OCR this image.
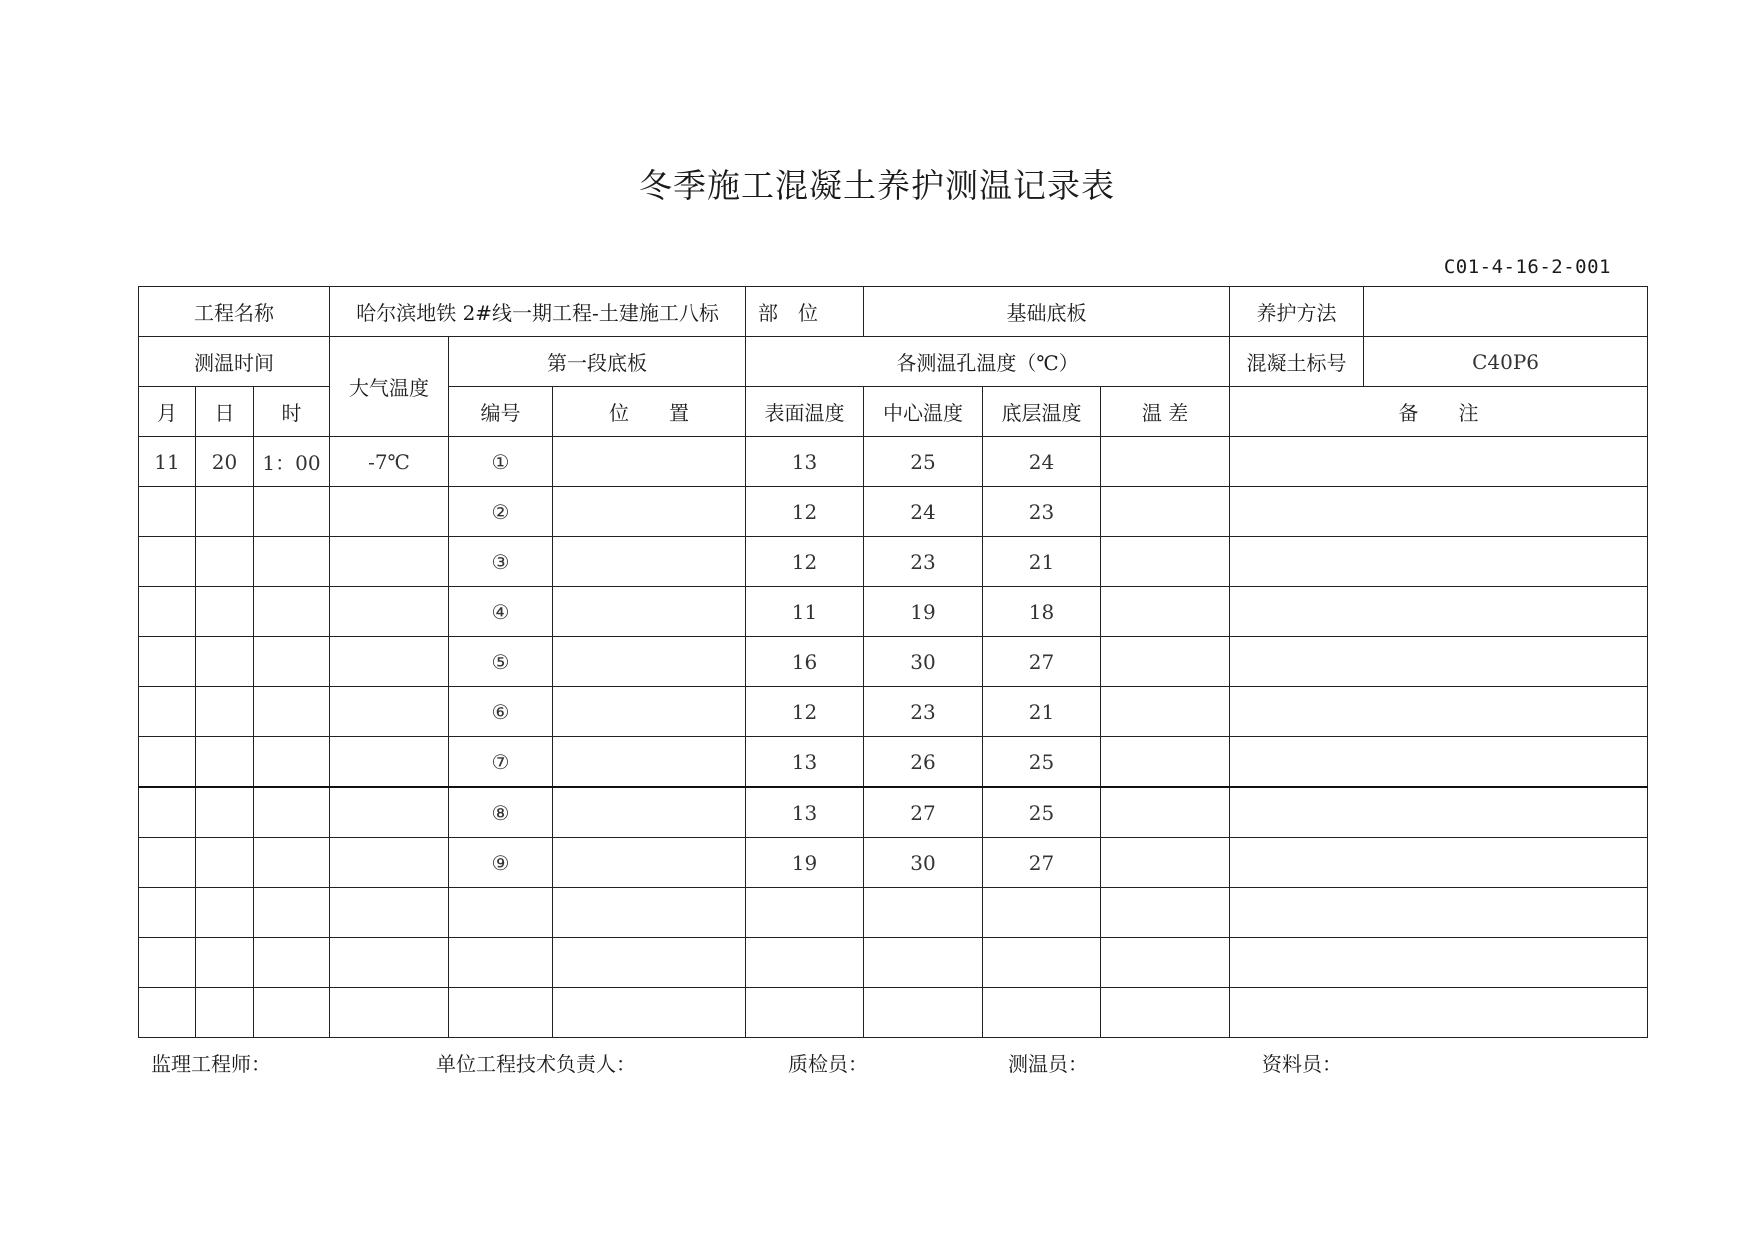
冬季施工混凝土养护测温记录表
C01-4-16-2-001
工程名称			哈尔滨地铁 2#线一期工程-土建施工八标			部　位	基础底板			养护方法	
测温时间			大气温度	第一段底板		各测温孔温度（℃）				混凝土标号	C40P6
月	日	时		编号	位　　置	表面温度	中心温度	底层温度	温 差	备　　注	
11	20	1：00	-7℃	①		13	25	24			
				②		12	24	23			
				③		12	23	21			
				④		11	19	18			
				⑤		16	30	27			
				⑥		12	23	21			
				⑦		13	26	25			
				⑧		13	27	25			
				⑨		19	30	27			

监理工程师：	单位工程技术负责人：	质检员：	测温员：	资料员：
